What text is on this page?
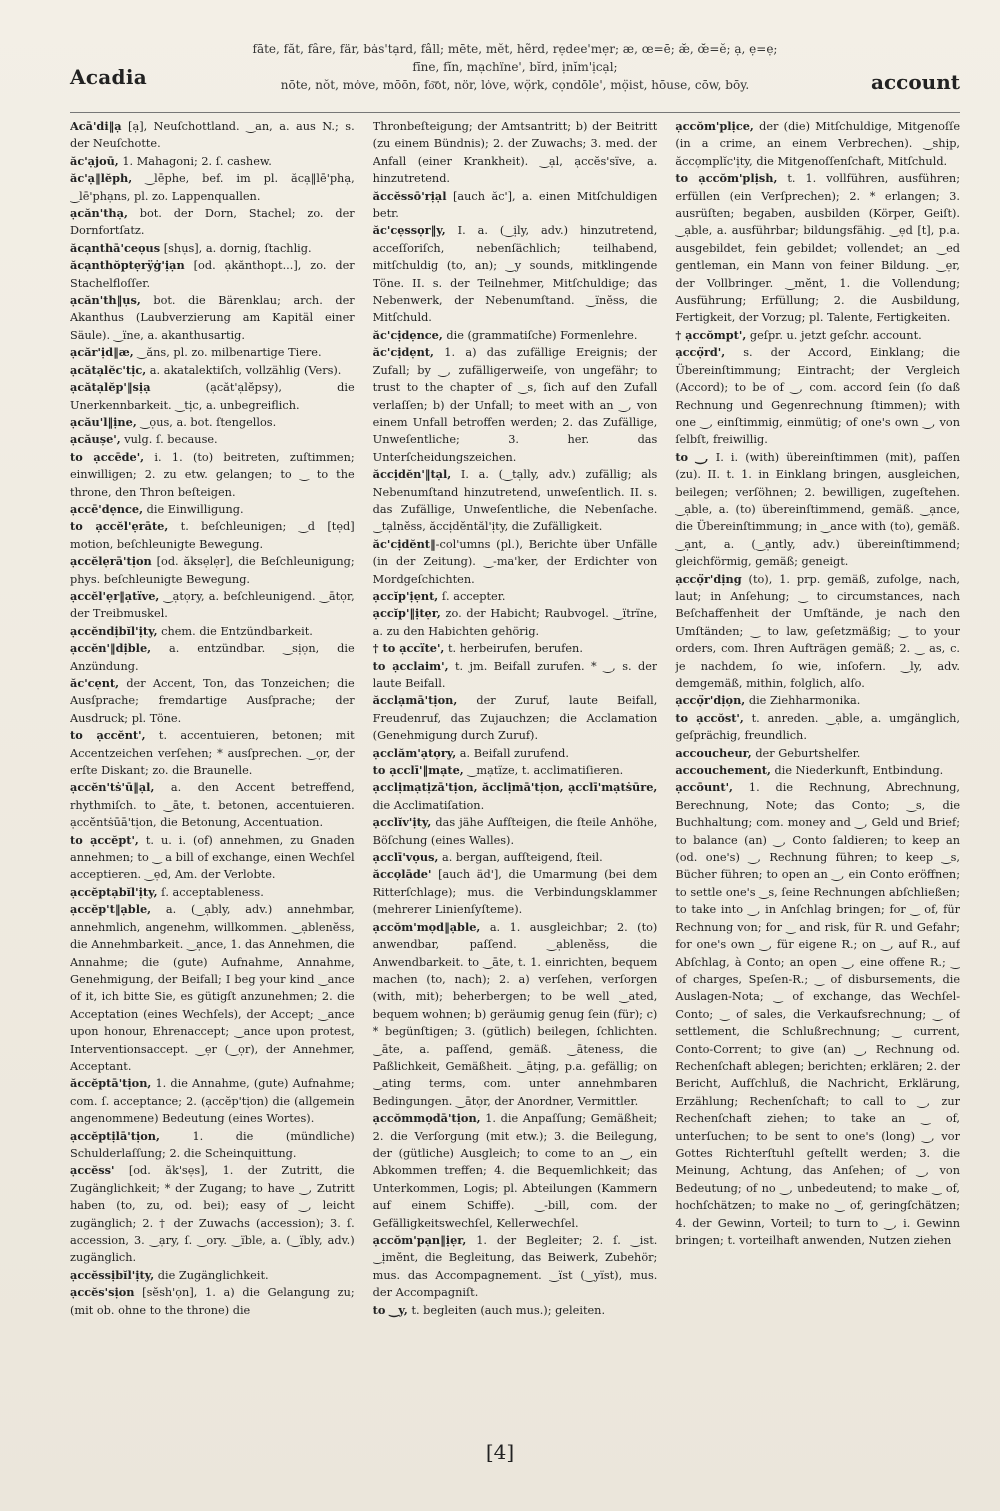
Acadia
fāte, făt, fȃre, fär, bȧs'tạrd, fâll; mēte, mĕt, hẽrd, rẹdee'mẹr; æ, œ=ē; æ̆, œ̆=ĕ; ạ, ẹ=ẹ;
fīne, fĭn, mạchïne', bĭrd, ịnĭm'ịcạl;
nōte, nŏt, mȯve, mōōn, fo͝ot, nör, lȯve, wọ̈rk, cọndōle', mọ̈ist, hōuse, cōw, bōy.	account

Acā'di‖ạ [ạ], Neuſchottland. ‿an, a. aus N.; s. der Neuſchotte.

ăc'ạjoū, 1. Mahagoni; 2. ſ. cashew.

ăc'ạ‖lĕph, ‿lēphe, bef. im pl. ăcạ‖lē'phạ, ‿lē'phạns, pl. zo. Lappenquallen.

ạcăn'thạ, bot. der Dorn, Stachel; zo. der Dornfortſatz.

ăcạnthā'ceọus [shụs], a. dornig, ſtachlig.

ăcạnthŏptẹrÿġ'ịạn [od. ạkănthopt...], zo. der Stachelfloſſer.

ạcăn'th‖ụs, bot. die Bärenklau; arch. der Akanthus (Laubverzierung am Kapitäl einer Säule). ‿ïne, a. akanthusartig.

ạcăr'ịd‖æ, ‿ăns, pl. zo. milbenartige Tiere.

ạcătạlĕc'tịc, a. akatalektiſch, vollzählig (Vers).

ạcătạlĕp'‖sịạ (ạcăt'ạlĕpsy), die Unerkennbarkeit. ‿tịc, a. unbegreiflich.

ạcău'l‖ịne, ‿ọus, a. bot. ſtengellos.

ạcăuṣe', vulg. ſ. because.

to ạccēde', i. 1. (to) beitreten, zuſtimmen; einwilligen; 2. zu etw. gelangen; to ‿ to the throne, den Thron beſteigen.

ạccē'dẹnce, die Einwilligung.

to ạccĕl'ẹrāte, t. beſchleunigen; ‿d [tẹd] motion, beſchleunigte Bewegung.

ạccĕlẹrā'tịon [od. ăksẹlẹr], die Beſchleunigung; phys. beſchleunigte Bewegung.

ạccĕl'ẹr‖ạtïve, ‿ạtọry, a. beſchleunigend. ‿ātọr, der Treibmuskel.

ạccĕndịbĭl'ịty, chem. die Entzündbarkeit.

ạccĕn'‖dịble, a. entzündbar. ‿sịọn, die Anzündung.

ăc'cẹnt, der Accent, Ton, das Tonzeichen; die Ausſprache; fremdartige Ausſprache; der Ausdruck; pl. Töne.

to ạccĕnt', t. accentuieren, betonen; mit Accentzeichen verſehen; * ausſprechen. ‿ọr, der erſte Diskant; zo. die Braunelle.

ạccĕn'tṡ'ū‖ạl, a. den Accent betreffend, rhythmiſch. to ‿āte, t. betonen, accentuieren. ạccĕntṡūā'tịon, die Betonung, Accentuation.

to ạccĕpt', t. u. i. (of) annehmen, zu Gnaden annehmen; to ‿ a bill of exchange, einen Wechſel acceptieren. ‿ẹd, Am. der Verlobte.

ạccĕptạbĭl'ịty, ſ. acceptableness.

ạccĕp't‖ạble, a. (‿ạbly, adv.) annehmbar, annehmlich, angenehm, willkommen. ‿ạblenĕss, die Annehmbarkeit. ‿ạnce, 1. das Annehmen, die Annahme; die (gute) Aufnahme, Annahme, Genehmigung, der Beifall; I beg your kind ‿ance of it, ich bitte Sie, es gütigſt anzunehmen; 2. die Acceptation (eines Wechſels), der Accept; ‿ance upon honour, Ehrenaccept; ‿ance upon protest, Interventionsaccept. ‿ẹr (‿ọr), der Annehmer, Acceptant.

ăccĕptā'tịon, 1. die Annahme, (gute) Aufnahme; com. ſ. acceptance; 2. (ạccĕp'tịon) die (allgemein angenommene) Bedeutung (eines Wortes).

ạccĕptịlā'tịon, 1. die (mündliche) Schulderlaſſung; 2. die Scheinquittung.

ạccĕss' [od. ăk'sẹs], 1. der Zutritt, die Zugänglichkeit; * der Zugang; to have ‿, Zutritt haben (to, zu, od. bei); easy of ‿, leicht zugänglich; 2. † der Zuwachs (accession); 3. ſ. accession, 3. ‿ạry, ſ. ‿ory. ‿ïble, a. (‿ïbly, adv.) zugänglich.

ạccĕssịbĭl'ịty, die Zugänglichkeit.

ạccĕs'sịon [sĕsh'ọn], 1. a) die Gelangung zu; (mit ob. ohne to the throne) die

Thronbeſteigung; der Amtsantritt; b) der Beitritt (zu einem Bündnis); 2. der Zuwachs; 3. med. der Anfall (einer Krankheit). ‿ạl, ạccĕs'sïve, a. hinzutretend.

ăccĕssō'rịạl [auch ăc'], a. einen Mitſchuldigen betr.

ăc'cẹssọr‖y, I. a. (‿ịly, adv.) hinzutretend, acceſſoriſch, nebenſächlich; teilhabend, mitſchuldig (to, an); ‿y sounds, mitklingende Töne. II. s. der Teilnehmer, Mitſchuldige; das Nebenwerk, der Nebenumſtand. ‿ïnĕss, die Mitſchuld.

ăc'cịdẹnce, die (grammatiſche) Formenlehre.

ăc'cịdẹnt, 1. a) das zufällige Ereignis; der Zufall; by ‿, zufälligerweiſe, von ungefähr; to trust to the chapter of ‿s, ſich auf den Zufall verlaſſen; b) der Unfall; to meet with an ‿, von einem Unfall betroffen werden; 2. das Zufällige, Unweſentliche; 3. her. das Unterſcheidungszeichen.

ăccịdĕn'‖tạl, I. a. (‿tạlly, adv.) zufällig; als Nebenumſtand hinzutretend, unweſentlich. II. s. das Zufällige, Unweſentliche, die Nebenſache. ‿tạlnĕss, ăccịdĕntăl'ịty, die Zufälligkeit.

ăc'cịdĕnt‖-col'umns (pl.), Berichte über Unfälle (in der Zeitung). ‿-ma'ker, der Erdichter von Mordgeſchichten.

ạccĭp'ịẹnt, ſ. accepter.

ạccĭp'‖ịtẹr, zo. der Habicht; Raubvogel. ‿ïtrïne, a. zu den Habichten gehörig.

† to ạccïte', t. herbeirufen, berufen.

to ạcclaim', t. jm. Beifall zurufen. * ‿, s. der laute Beifall.

ăcclạmā'tịon, der Zuruf, laute Beifall, Freudenruf, das Zujauchzen; die Acclamation (Genehmigung durch Zuruf).

ạcclăm'ạtọry, a. Beifall zurufend.

to ạcclī'‖mạte, ‿mạtïze, t. acclimatiſieren.

ạcclịmạtịzā'tịon, ăcclịmā'tịon, ạcclī'mạtṡūre, die Acclimatiſation.

ạcclĭv'ịty, das jähe Aufſteigen, die ſteile Anhöhe, Böſchung (eines Walles).

ạcclī'vọus, a. bergan, aufſteigend, ſteil.

ăccọlāde' [auch äd'], die Umarmung (bei dem Ritterſchlage); mus. die Verbindungsklammer (mehrerer Linienſyſteme).

ạccŏm'mọd‖ạble, a. 1. ausgleichbar; 2. (to) anwendbar, paſſend. ‿ạblenĕss, die Anwendbarkeit. to ‿āte, t. 1. einrichten, bequem machen (to, nach); 2. a) verſehen, verſorgen (with, mit); beherbergen; to be well ‿ated, bequem wohnen; b) geräumig genug ſein (für); c) * begünſtigen; 3. (gütlich) beilegen, ſchlichten. ‿āte, a. paſſend, gemäß. ‿āteness, die Paßlichkeit, Gemäßheit. ‿ātịng, p.a. gefällig; on ‿ating terms, com. unter annehmbaren Bedingungen. ‿ātọr, der Anordner, Vermittler.

ạccŏmmọdā'tịon, 1. die Anpaſſung; Gemäßheit; 2. die Verſorgung (mit etw.); 3. die Beilegung, der (gütliche) Ausgleich; to come to an ‿, ein Abkommen treffen; 4. die Bequemlichkeit; das Unterkommen, Logis; pl. Abteilungen (Kammern auf einem Schiffe). ‿-bill, com. der Gefälligkeitswechſel, Kellerwechſel.

ạccŏm'pạn‖ịẹr, 1. der Begleiter; 2. ſ. ‿ist. ‿ịmĕnt, die Begleitung, das Beiwerk, Zubehör; mus. das Accompagnement. ‿ïst (‿yïst), mus. der Accompagniſt.

to ‿y, t. begleiten (auch mus.); geleiten.

ạccŏm'plịce, der (die) Mitſchuldige, Mitgenoſſe (in a crime, an einem Verbrechen). ‿shịp, ăccọmplĭc'ịty, die Mitgenoſſenſchaft, Mitſchuld.

to ạccŏm'plịsh, t. 1. vollführen, ausführen; erfüllen (ein Verſprechen); 2. * erlangen; 3. ausrüſten; begaben, ausbilden (Körper, Geiſt). ‿ạble, a. ausführbar; bildungsfähig. ‿ẹd [t], p.a. ausgebildet, fein gebildet; vollendet; an ‿ed gentleman, ein Mann von feiner Bildung. ‿ẹr, der Vollbringer. ‿mĕnt, 1. die Vollendung; Ausführung; Erfüllung; 2. die Ausbildung, Fertigkeit, der Vorzug; pl. Talente, Fertigkeiten.

† ạccŏmpt', geſpr. u. jetzt geſchr. account.

ạccọ̈rd', s. der Accord, Einklang; die Übereinſtimmung; Eintracht; der Vergleich (Accord); to be of ‿, com. accord ſein (ſo daß Rechnung und Gegenrechnung ſtimmen); with one ‿, einſtimmig, einmütig; of one's own ‿, von ſelbſt, freiwillig.

to ‿, I. i. (with) übereinſtimmen (mit), paſſen (zu). II. t. 1. in Einklang bringen, ausgleichen, beilegen; verſöhnen; 2. bewilligen, zugeſtehen. ‿ạble, a. (to) übereinſtimmend, gemäß. ‿ạnce, die Übereinſtimmung; in ‿ance with (to), gemäß. ‿ạnt, a. (‿ạntly, adv.) übereinſtimmend; gleichförmig, gemäß; geneigt.

ạccọ̈r'dịng (to), 1. prp. gemäß, zufolge, nach, laut; in Anſehung; ‿ to circumstances, nach Beſchaffenheit der Umſtände, je nach den Umſtänden; ‿ to law, geſetzmäßig; ‿ to your orders, com. Ihren Aufträgen gemäß; 2. ‿ as, c. je nachdem, ſo wie, inſofern. ‿ly, adv. demgemäß, mithin, folglich, alſo.

ạccọ̈r'dịọn, die Ziehharmonika.

to ạccŏst', t. anreden. ‿ạble, a. umgänglich, geſprächig, freundlich.

accoucheur, der Geburtshelfer.

accouchement, die Niederkunft, Entbindung.

ạccōunt', 1. die Rechnung, Abrechnung, Berechnung, Note; das Conto; ‿s, die Buchhaltung; com. money and ‿, Geld und Brief; to balance (an) ‿, Conto ſaldieren; to keep an (od. one's) ‿, Rechnung führen; to keep ‿s, Bücher führen; to open an ‿, ein Conto eröffnen; to settle one's ‿s, ſeine Rechnungen abſchließen; to take into ‿, in Anſchlag bringen; for ‿ of, für Rechnung von; for ‿ and risk, für R. und Gefahr; for one's own ‿, für eigene R.; on ‿, auf R., auf Abſchlag, à Conto; an open ‿, eine offene R.; ‿ of charges, Speſen-R.; ‿ of disbursements, die Auslagen-Nota; ‿ of exchange, das Wechſel-Conto; ‿ of sales, die Verkaufsrechnung; ‿ of settlement, die Schlußrechnung; ‿ current, Conto-Corrent; to give (an) ‿, Rechnung od. Rechenſchaft ablegen; berichten; erklären; 2. der Bericht, Aufſchluß, die Nachricht, Erklärung, Erzählung; Rechenſchaft; to call to ‿, zur Rechenſchaft ziehen; to take an ‿ of, unterſuchen; to be sent to one's (long) ‿, vor Gottes Richterſtuhl geſtellt werden; 3. die Meinung, Achtung, das Anſehen; of ‿, von Bedeutung; of no ‿, unbedeutend; to make ‿ of, hochſchätzen; to make no ‿ of, geringſchätzen; 4. der Gewinn, Vorteil; to turn to ‿, i. Gewinn bringen; t. vorteilhaft anwenden, Nutzen ziehen

[4]
